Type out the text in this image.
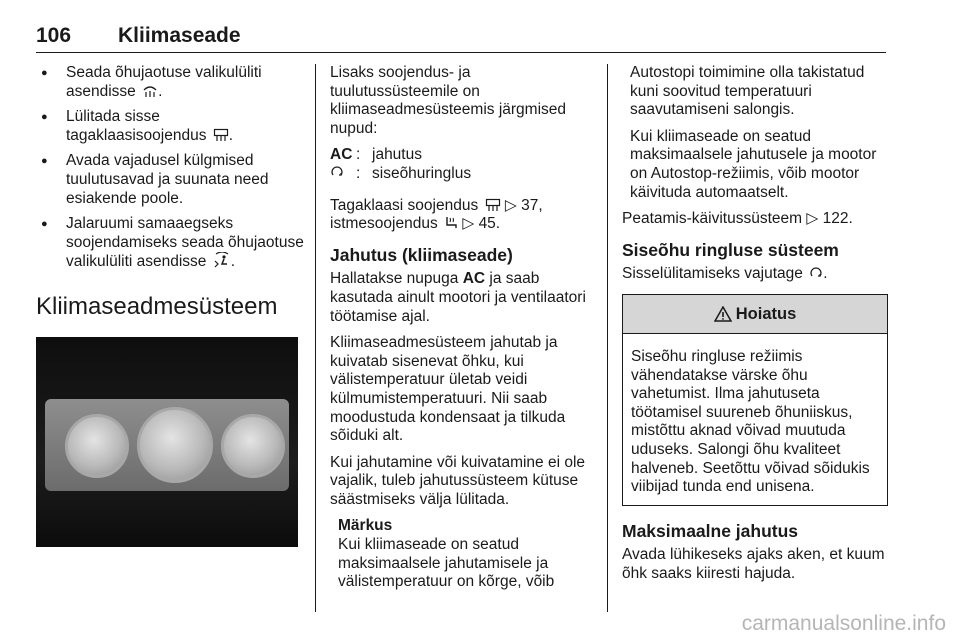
106 Kliimaseade
● Seada õhujaotuse valikulüliti asendisse .
● Lülitada sisse tagaklaasisoojendus .
● Avada vajadusel külgmised tuulutusavad ja suunata need esiakende poole.
● Jalaruumi samaaegseks soojendamiseks seada õhujaotuse valikulüliti asendisse .
Kliimaseadmesüsteem

Lisaks soojendus- ja tuulutussüsteemile on kliimaseadmesüsteemis järgmised nupud:

AC : jahutus
: siseõhuringlus

Tagaklaasi soojendus ▷ 37,
istmesoojendus ▷ 45.

Jahutus (kliimaseade)

Hallatakse nupuga AC ja saab kasutada ainult mootori ja ventilaatori töötamise ajal.

Kliimaseadmesüsteem jahutab ja kuivatab sisenevat õhku, kui välistemperatuur ületab veidi külmumistemperatuuri. Nii saab moodustuda kondensaat ja tilkuda sõiduki alt.

Kui jahutamine või kuivatamine ei ole vajalik, tuleb jahutussüsteem kütuse säästmiseks välja lülitada.

Märkus
Kui kliimaseade on seatud maksimaalsele jahutamisele ja välistemperatuur on kõrge, võib

Autostopi toimimine olla takistatud kuni soovitud temperatuuri saavutamiseni salongis.

Kui kliimaseade on seatud maksimaalsele jahutusele ja mootor on Autostop-režiimis, võib mootor käivituda automaatselt.

Peatamis-käivitussüsteem ▷ 122.

Siseõhu ringluse süsteem

Sisselülitamiseks vajutage .

Hoiatus
Siseõhu ringluse režiimis vähendatakse värske õhu vahetumist. Ilma jahutuseta töötamisel suureneb õhuniiskus, mistõttu aknad võivad muutuda uduseks. Salongi õhu kvaliteet halveneb. Seetõttu võivad sõidukis viibijad tunda end unisena.
Maksimaalne jahutus

Avada lühikeseks ajaks aken, et kuum õhk saaks kiiresti hajuda.

carmanualsonline.info
